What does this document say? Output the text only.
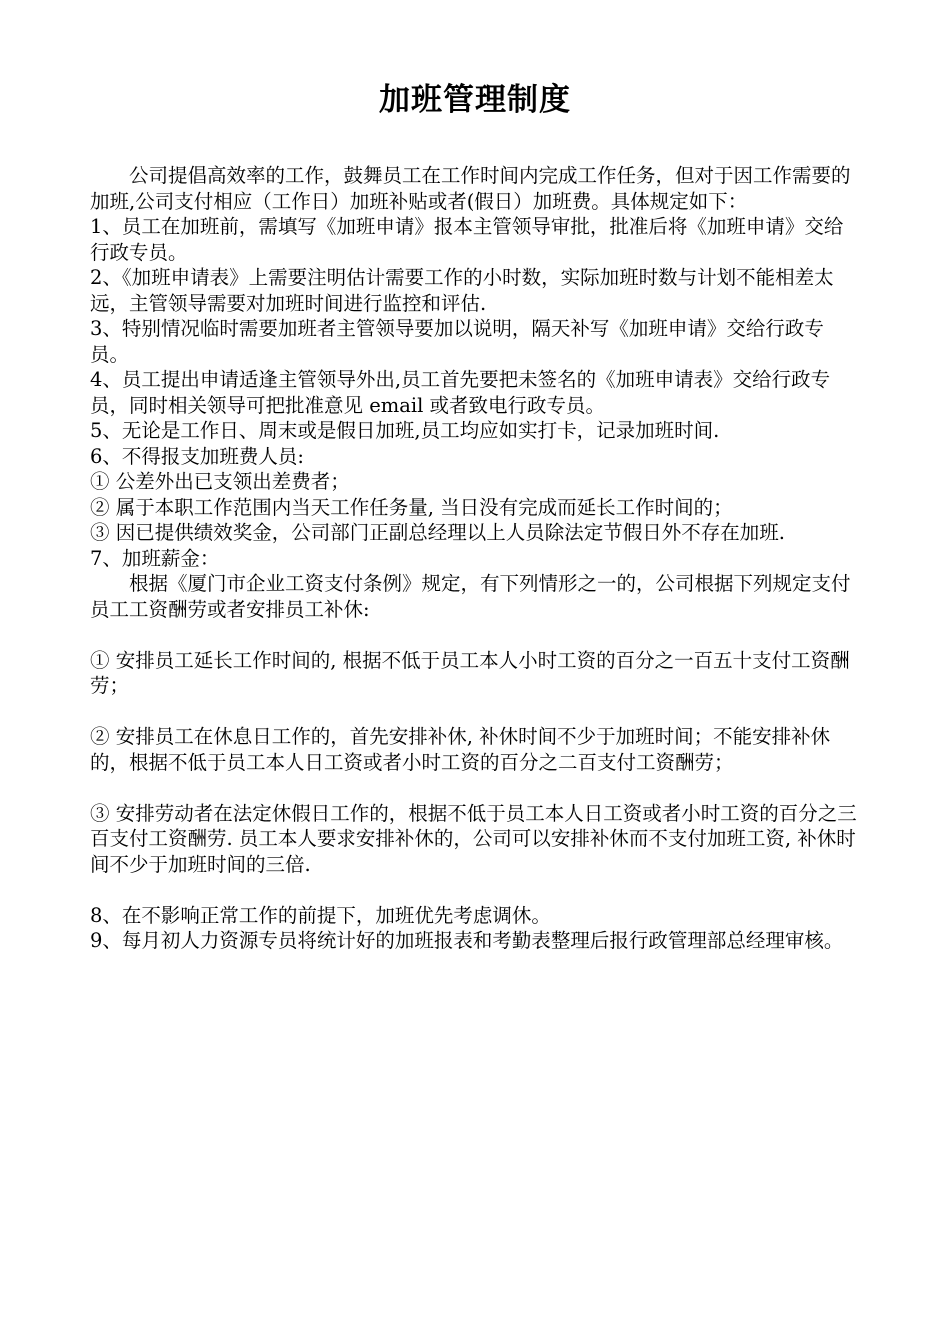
加班管理制度

公司提倡高效率的工作，鼓舞员工在工作时间内完成工作任务，但对于因工作需要的加班,公司支付相应（工作日）加班补贴或者(假日）加班费。具体规定如下：

1、员工在加班前，需填写《加班申请》报本主管领导审批，批准后将《加班申请》交给行政专员。

2、《加班申请表》上需要注明估计需要工作的小时数，实际加班时数与计划不能相差太远，主管领导需要对加班时间进行监控和评估.

3、特别情况临时需要加班者主管领导要加以说明，隔天补写《加班申请》交给行政专员。

4、员工提出申请适逢主管领导外出,员工首先要把未签名的《加班申请表》交给行政专员，同时相关领导可把批准意见 email 或者致电行政专员。

5、无论是工作日、周末或是假日加班,员工均应如实打卡，记录加班时间.

6、不得报支加班费人员:

① 公差外出已支领出差费者；

② 属于本职工作范围内当天工作任务量, 当日没有完成而延长工作时间的；

③ 因已提供绩效奖金，公司部门正副总经理以上人员除法定节假日外不存在加班.

7、加班薪金：

根据《厦门市企业工资支付条例》规定，有下列情形之一的，公司根据下列规定支付员工工资酬劳或者安排员工补休:

① 安排员工延长工作时间的, 根据不低于员工本人小时工资的百分之一百五十支付工资酬劳；

② 安排员工在休息日工作的，首先安排补休, 补休时间不少于加班时间；不能安排补休的，根据不低于员工本人日工资或者小时工资的百分之二百支付工资酬劳；

③ 安排劳动者在法定休假日工作的，根据不低于员工本人日工资或者小时工资的百分之三百支付工资酬劳. 员工本人要求安排补休的，公司可以安排补休而不支付加班工资, 补休时间不少于加班时间的三倍.

8、在不影响正常工作的前提下，加班优先考虑调休。

9、每月初人力资源专员将统计好的加班报表和考勤表整理后报行政管理部总经理审核。
